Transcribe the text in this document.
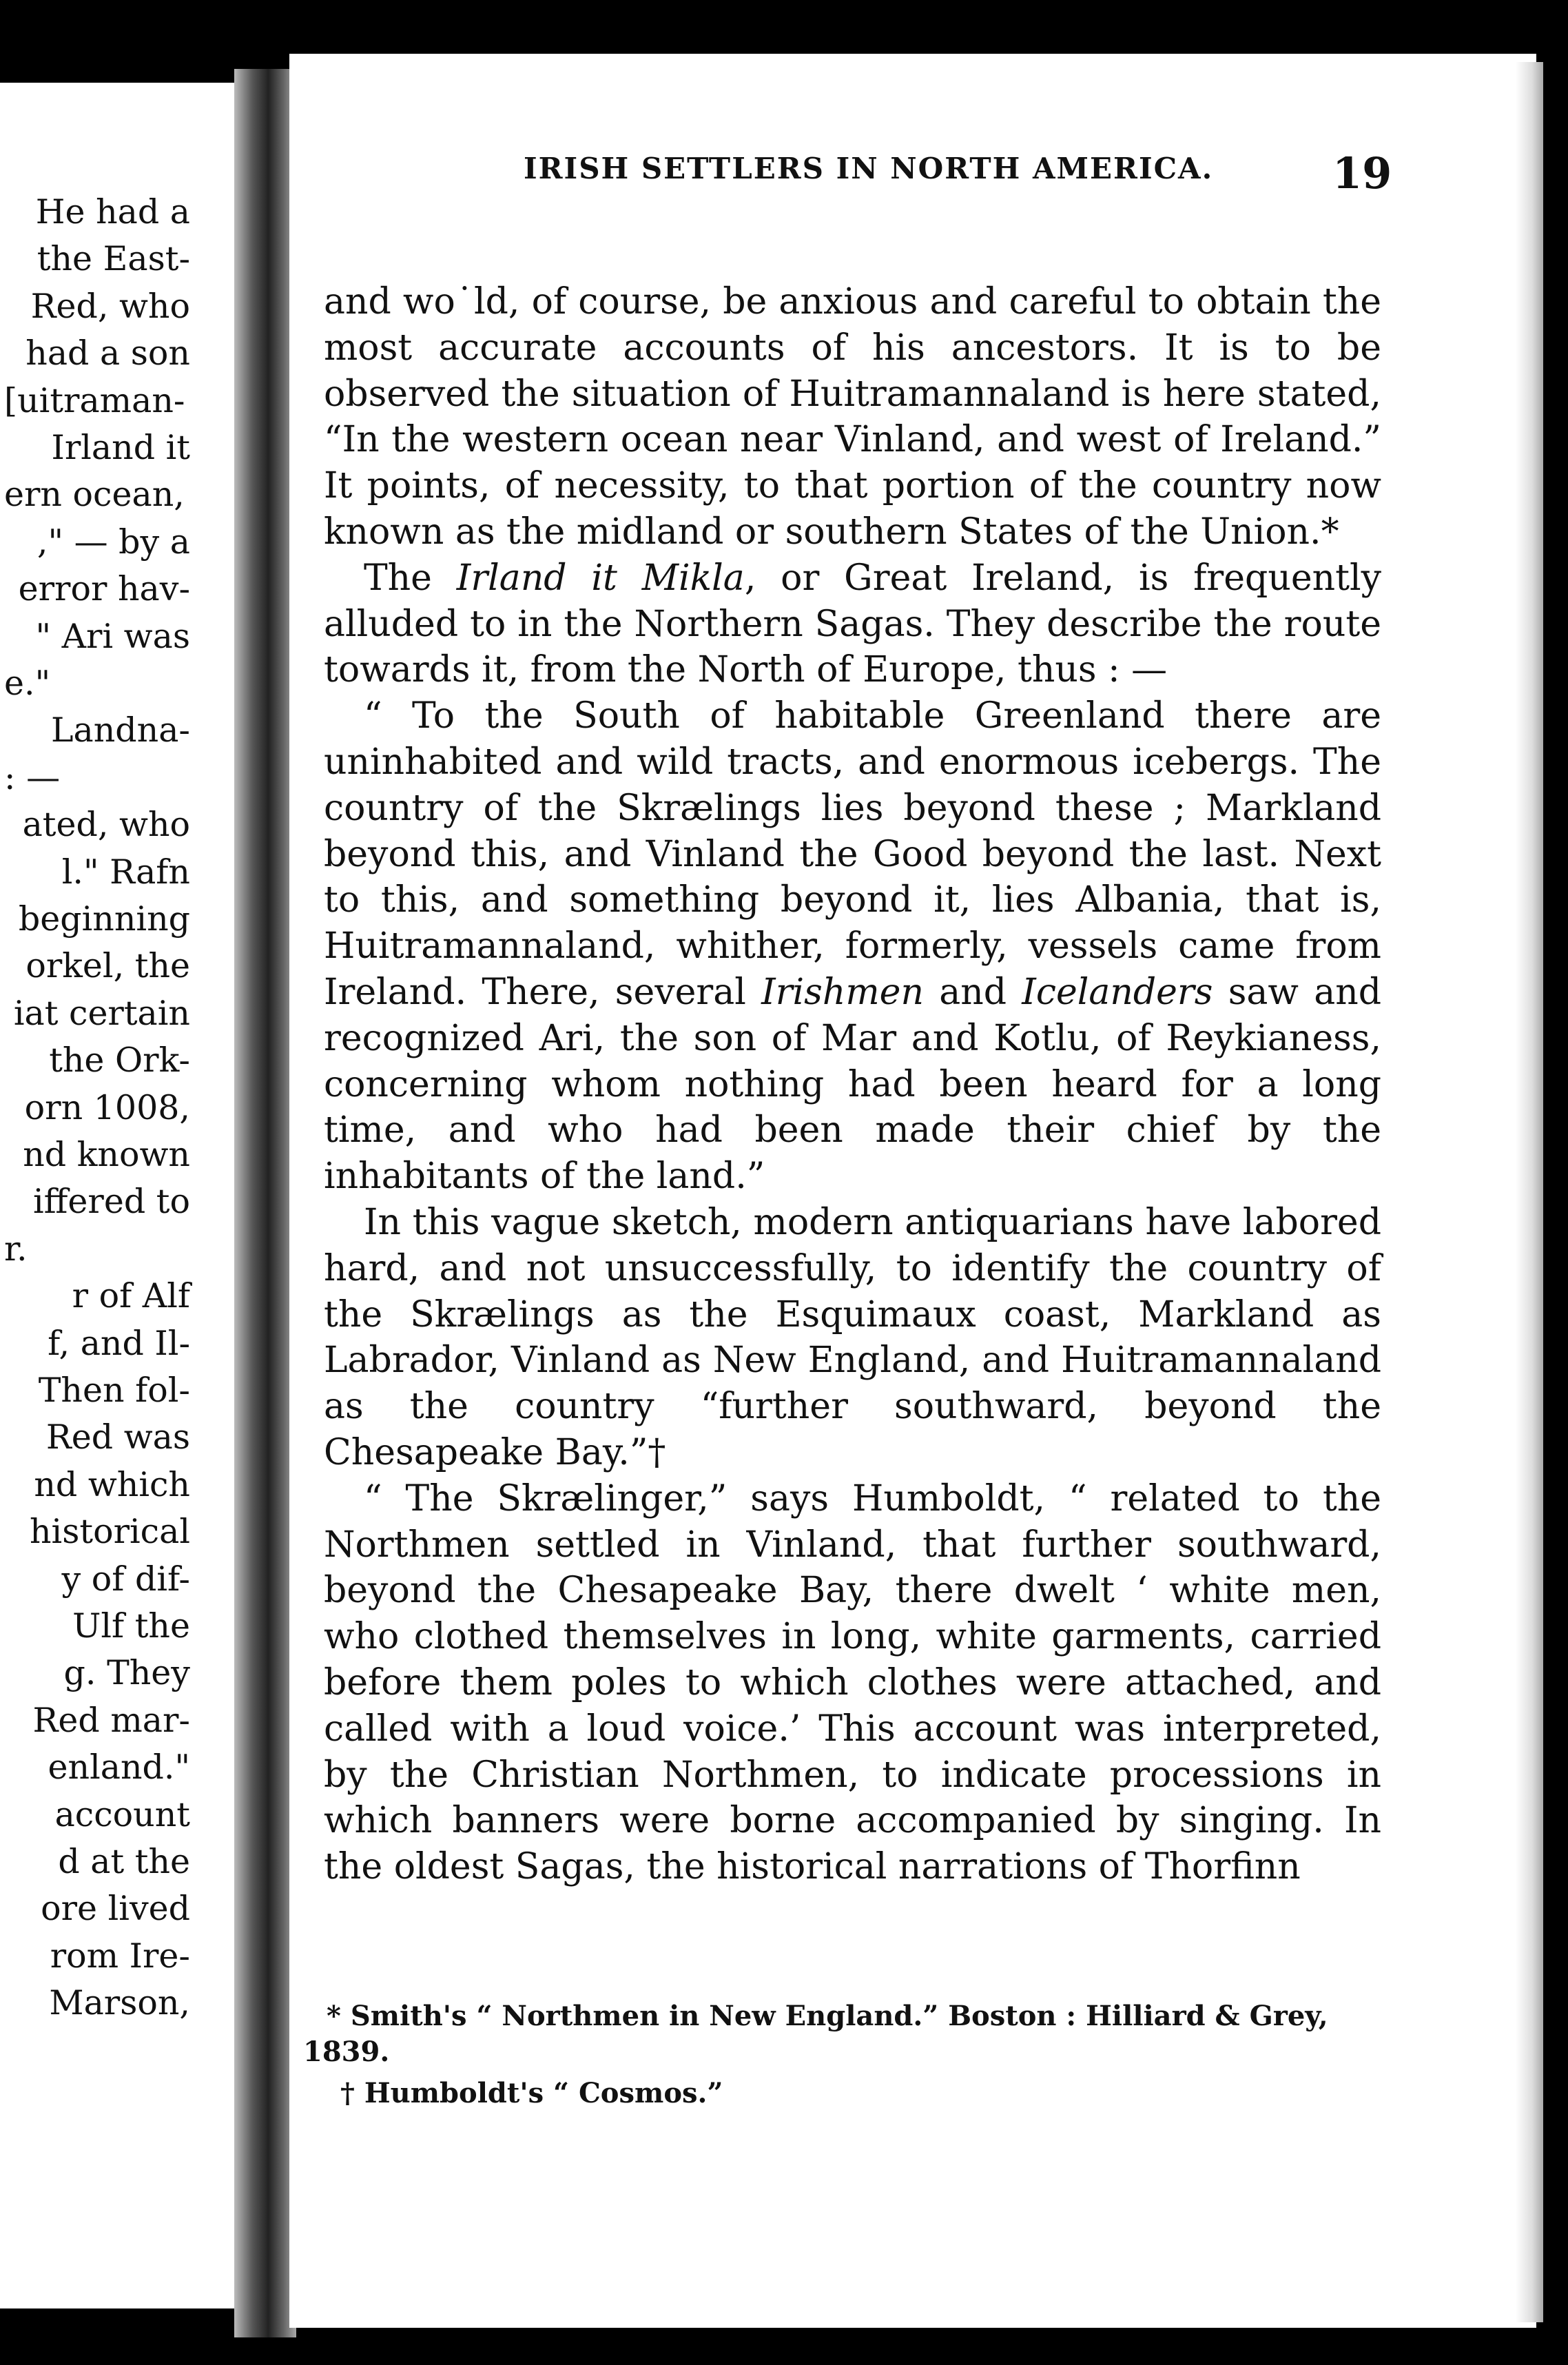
He had a
the East-
Red, who
had a son
[uitraman-
Irland it
ern ocean,
," — by a
error hav-
" Ari was
e."
Landna-
: —
ated, who
l." Rafn
beginning
orkel, the
iat certain
the Ork-
orn 1008,
nd known
iffered to
r.
r of Alf
f, and Il-
Then fol-
Red was
nd which
historical
y of dif-
Ulf the
g. They
Red mar-
enland."
account
d at the
ore lived
rom Ire-
Marson,
IRISH SETTLERS IN NORTH AMERICA.	19

and wo˙ld, of course, be anxious and careful to obtain the most accurate accounts of his ancestors. It is to be observed the situation of Huitramannaland is here stated, “In the western ocean near Vinland, and west of Ireland.” It points, of necessity, to that portion of the country now known as the midland or southern States of the Union.*

The Irland it Mikla, or Great Ireland, is frequently alluded to in the Northern Sagas. They describe the route towards it, from the North of Europe, thus : —

“ To the South of habitable Greenland there are uninhabited and wild tracts, and enormous icebergs. The country of the Skrælings lies beyond these ; Markland beyond this, and Vinland the Good beyond the last. Next to this, and something beyond it, lies Albania, that is, Huitramannaland, whither, formerly, vessels came from Ireland. There, several Irishmen and Icelanders saw and recognized Ari, the son of Mar and Kotlu, of Reykianess, concerning whom nothing had been heard for a long time, and who had been made their chief by the inhabitants of the land.”

In this vague sketch, modern antiquarians have labored hard, and not unsuccessfully, to identify the country of the Skrælings as the Esquimaux coast, Markland as Labrador, Vinland as New England, and Huitramannaland as the country “further southward, beyond the Chesapeake Bay.”†

“ The Skrælinger,” says Humboldt, “ related to the Northmen settled in Vinland, that further southward, beyond the Chesapeake Bay, there dwelt ‘ white men, who clothed themselves in long, white garments, carried before them poles to which clothes were attached, and called with a loud voice.’ This account was interpreted, by the Christian Northmen, to indicate processions in which banners were borne accompanied by singing. In the oldest Sagas, the historical narrations of Thorfinn

* Smith's “ Northmen in New England.” Boston : Hilliard & Grey, 1839.

† Humboldt's “ Cosmos.”
